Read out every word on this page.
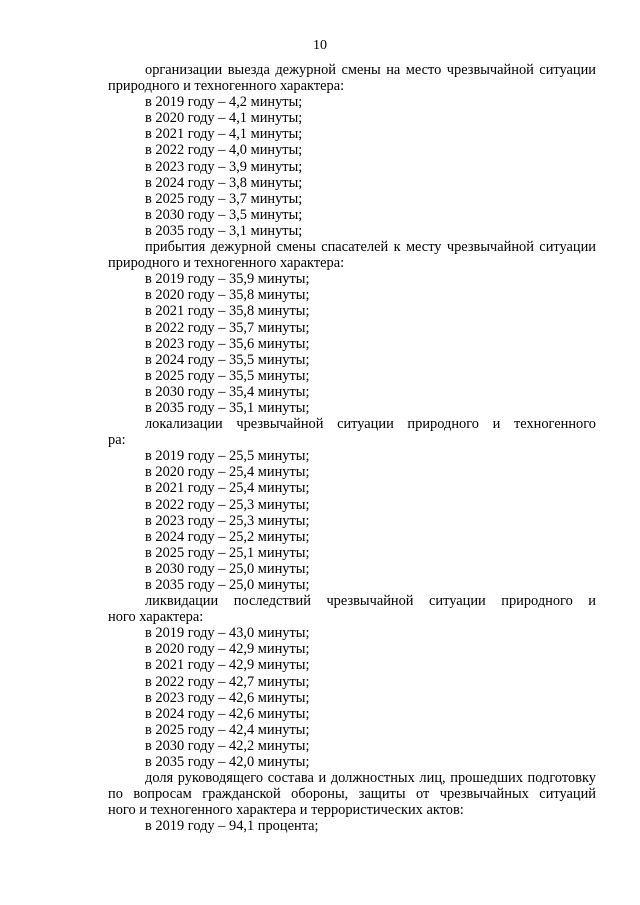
10
организации выезда дежурной смены на место чрезвычайной ситуации
природного и техногенного характера:
в 2019 году – 4,2 минуты;
в 2020 году – 4,1 минуты;
в 2021 году – 4,1 минуты;
в 2022 году – 4,0 минуты;
в 2023 году – 3,9 минуты;
в 2024 году – 3,8 минуты;
в 2025 году – 3,7 минуты;
в 2030 году – 3,5 минуты;
в 2035 году – 3,1 минуты;
прибытия дежурной смены спасателей к месту чрезвычайной ситуации
природного и техногенного характера:
в 2019 году – 35,9 минуты;
в 2020 году – 35,8 минуты;
в 2021 году – 35,8 минуты;
в 2022 году – 35,7 минуты;
в 2023 году – 35,6 минуты;
в 2024 году – 35,5 минуты;
в 2025 году – 35,5 минуты;
в 2030 году – 35,4 минуты;
в 2035 году – 35,1 минуты;
локализации чрезвычайной ситуации природного и техногенного
ра:
в 2019 году – 25,5 минуты;
в 2020 году – 25,4 минуты;
в 2021 году – 25,4 минуты;
в 2022 году – 25,3 минуты;
в 2023 году – 25,3 минуты;
в 2024 году – 25,2 минуты;
в 2025 году – 25,1 минуты;
в 2030 году – 25,0 минуты;
в 2035 году – 25,0 минуты;
ликвидации последствий чрезвычайной ситуации природного и
ного характера:
в 2019 году – 43,0 минуты;
в 2020 году – 42,9 минуты;
в 2021 году – 42,9 минуты;
в 2022 году – 42,7 минуты;
в 2023 году – 42,6 минуты;
в 2024 году – 42,6 минуты;
в 2025 году – 42,4 минуты;
в 2030 году – 42,2 минуты;
в 2035 году – 42,0 минуты;
доля руководящего состава и должностных лиц, прошедших подготовку
по вопросам гражданской обороны, защиты от чрезвычайных ситуаций
ного и техногенного характера и террористических актов:
в 2019 году – 94,1 процента;
